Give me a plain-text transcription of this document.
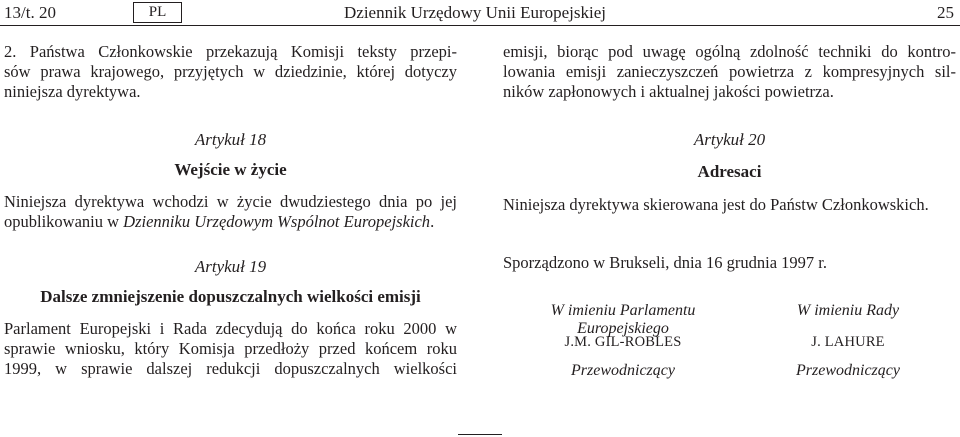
13/t. 20	PL	Dziennik Urzędowy Unii Europejskiej	25
2. Państwa Członkowskie przekazują Komisji teksty przepi-
sów prawa krajowego, przyjętych w dziedzinie, której dotyczy
niniejsza dyrektywa.
Artykuł 18
Wejście w życie
Niniejsza dyrektywa wchodzi w życie dwudziestego dnia po jej
opublikowaniu w Dzienniku Urzędowym Wspólnot Europejskich.
Artykuł 19
Dalsze zmniejszenie dopuszczalnych wielkości emisji
Parlament Europejski i Rada zdecydują do końca roku 2000 w
sprawie wniosku, który Komisja przedłoży przed końcem roku
1999, w sprawie dalszej redukcji dopuszczalnych wielkości
emisji, biorąc pod uwagę ogólną zdolność techniki do kontro-
lowania emisji zanieczyszczeń powietrza z kompresyjnych sil-
ników zapłonowych i aktualnej jakości powietrza.
Artykuł 20
Adresaci
Niniejsza dyrektywa skierowana jest do Państw Członkowskich.
Sporządzono w Brukseli, dnia 16 grudnia 1997 r.
W imieniu Parlamentu Europejskiego
J.M. GIL-ROBLES
Przewodniczący
W imieniu Rady
J. LAHURE
Przewodniczący
